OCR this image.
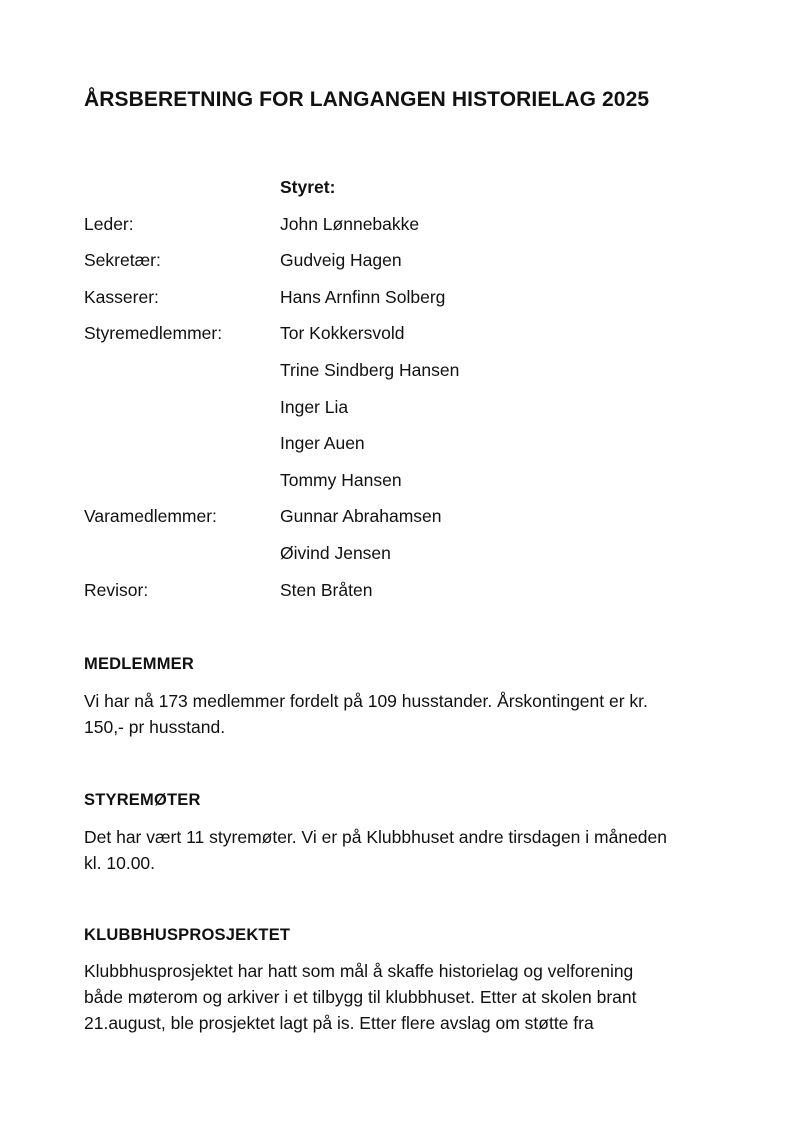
ÅRSBERETNING FOR LANGANGEN HISTORIELAG 2025
Styret:
Leder:	John Lønnebakke
Sekretær:	Gudveig Hagen
Kasserer:	Hans Arnfinn Solberg
Styremedlemmer:	Tor Kokkersvold
Trine Sindberg Hansen
Inger Lia
Inger Auen
Tommy Hansen
Varamedlemmer:	Gunnar Abrahamsen
Øivind Jensen
Revisor:	Sten Bråten
MEDLEMMER
Vi har nå 173 medlemmer fordelt på 109 husstander. Årskontingent er kr.
150,- pr husstand.
STYREMØTER
Det har vært 11 styremøter. Vi er på Klubbhuset andre tirsdagen i måneden
kl. 10.00.
KLUBBHUSPROSJEKTET
Klubbhusprosjektet har hatt som mål å skaffe historielag og velforening
både møterom og arkiver i et tilbygg til klubbhuset. Etter at skolen brant
21.august, ble prosjektet lagt på is. Etter flere avslag om støtte fra
